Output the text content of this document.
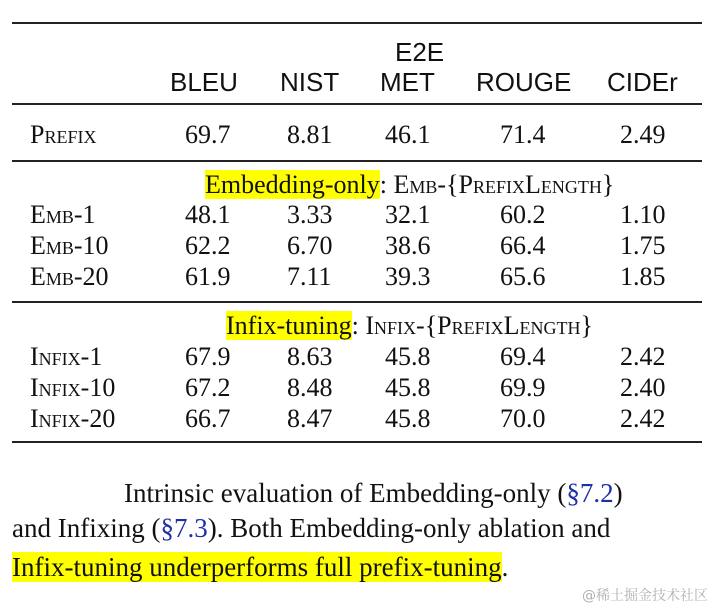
E2E
BLEU NIST MET ROUGE CIDEr
Prefix	69.7 8.81 46.1	71.4	2.49
Embedding-only: Emb-{PrefixLength}
Emb-1	48.1 3.33 32.1	60.2	1.10
Emb-10	62.2 6.70 38.6	66.4	1.75
Emb-20	61.9 7.11 39.3	65.6	1.85
Infix-tuning: Infix-{PrefixLength}
Infix-1	67.9 8.63 45.8	69.4	2.42
Infix-10	67.2 8.48 45.8	69.9	2.40
Infix-20	66.7 8.47 45.8	70.0	2.42
Intrinsic evaluation of Embedding-only (§7.2)
and Infixing (§7.3). Both Embedding-only ablation and
Infix-tuning underperforms full prefix-tuning.
@稀土掘金技术社区
